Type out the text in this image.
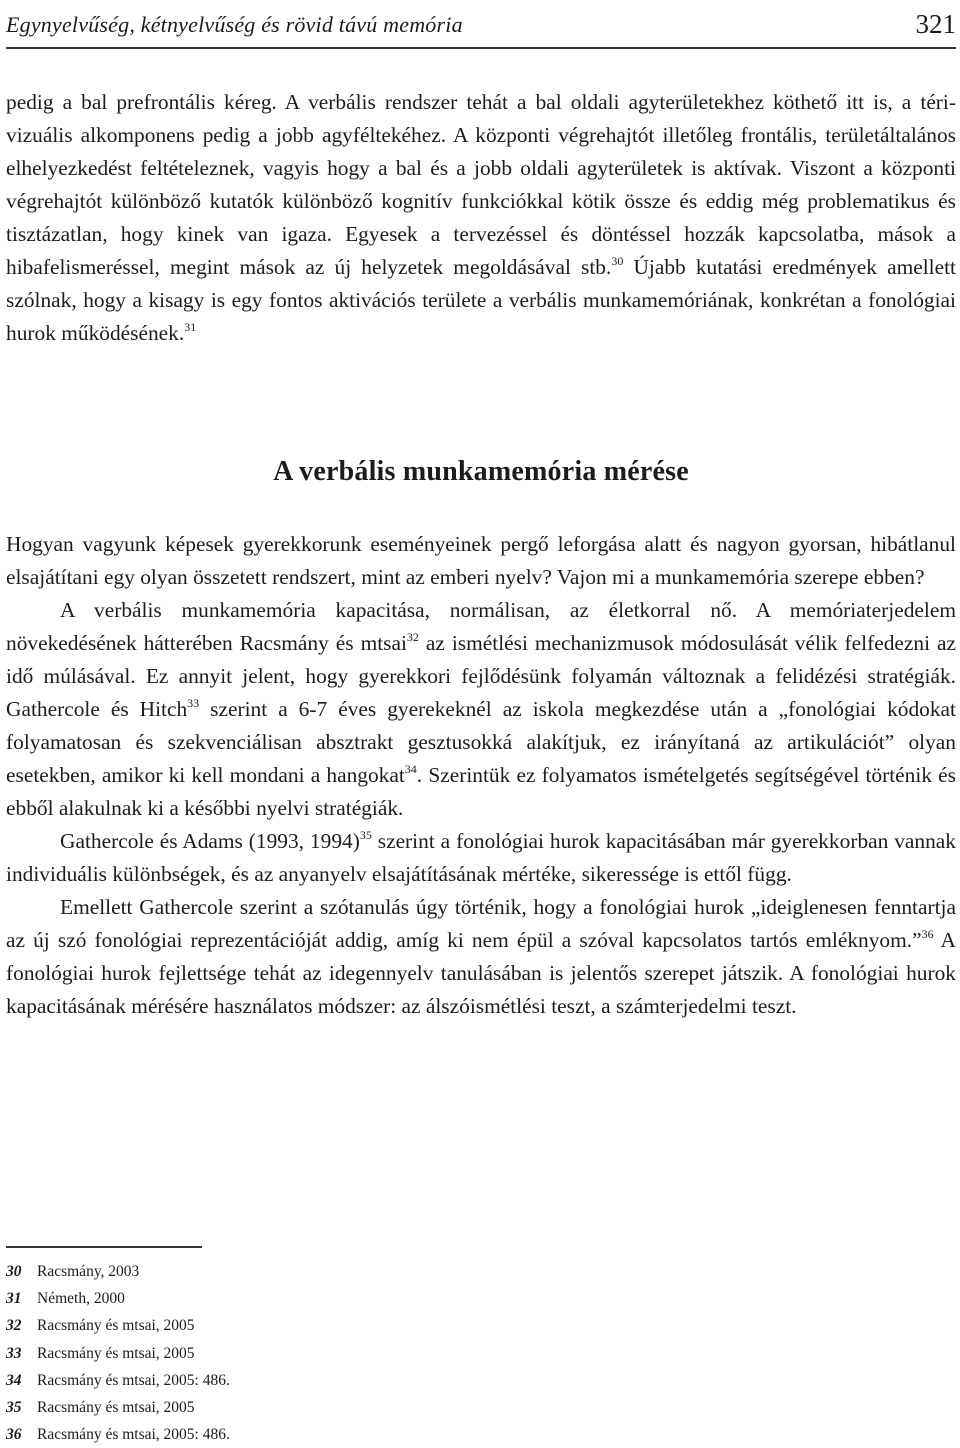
Egynyelvűség, kétnyelvűség és rövid távú memória	321

pedig a bal prefrontális kéreg. A verbális rendszer tehát a bal oldali agyterületekhez köthető itt is, a téri-vizuális alkomponens pedig a jobb agyféltekéhez. A központi végrehajtót illetőleg frontális, területáltalános elhelyezkedést feltételeznek, vagyis hogy a bal és a jobb oldali agyterületek is aktívak. Viszont a központi végrehajtót különböző kutatók különböző kognitív funkciókkal kötik össze és eddig még problematikus és tisztázatlan, hogy kinek van igaza. Egyesek a tervezéssel és döntéssel hozzák kapcsolatba, mások a hibafelismeréssel, megint mások az új helyzetek megoldásával stb.$^{30}$ Újabb kutatási eredmények amellett szólnak, hogy a kisagy is egy fontos aktivációs területe a verbális munkamemóriának, konkrétan a fonológiai hurok működésének.$^{31}$

A verbális munkamemória mérése

Hogyan vagyunk képesek gyerekkorunk eseményeinek pergő leforgása alatt és nagyon gyorsan, hibátlanul elsajátítani egy olyan összetett rendszert, mint az emberi nyelv? Vajon mi a munkamemória szerepe ebben?

A verbális munkamemória kapacitása, normálisan, az életkorral nő. A memóriaterjedelem növekedésének hátterében Racsmány és mtsai$^{32}$ az ismétlési mechanizmusok módosulását vélik felfedezni az idő múlásával. Ez annyit jelent, hogy gyerekkori fejlődésünk folyamán változnak a felidézési stratégiák. Gathercole és Hitch$^{33}$ szerint a 6-7 éves gyerekeknél az iskola megkezdése után a „fonológiai kódokat folyamatosan és szekvenciálisan absztrakt gesztusokká alakítjuk, ez irányítaná az artikulációt” olyan esetekben, amikor ki kell mondani a hangokat$^{34}$. Szerintük ez folyamatos ismételgetés segítségével történik és ebből alakulnak ki a későbbi nyelvi stratégiák.

Gathercole és Adams (1993, 1994)$^{35}$ szerint a fonológiai hurok kapacitásában már gyerekkorban vannak individuális különbségek, és az anyanyelv elsajátításának mértéke, sikeressége is ettől függ.

Emellett Gathercole szerint a szótanulás úgy történik, hogy a fonológiai hurok „ideiglenesen fenntartja az új szó fonológiai reprezentációját addig, amíg ki nem épül a szóval kapcsolatos tartós emléknyom.”$^{36}$ A fonológiai hurok fejlettsége tehát az idegennyelv tanulásában is jelentős szerepet játszik. A fonológiai hurok kapacitásának mérésére használatos módszer: az álszóismétlési teszt, a számterjedelmi teszt.

30 Racsmány, 2003
31 Németh, 2000
32 Racsmány és mtsai, 2005
33 Racsmány és mtsai, 2005
34 Racsmány és mtsai, 2005: 486.
35 Racsmány és mtsai, 2005
36 Racsmány és mtsai, 2005: 486.
